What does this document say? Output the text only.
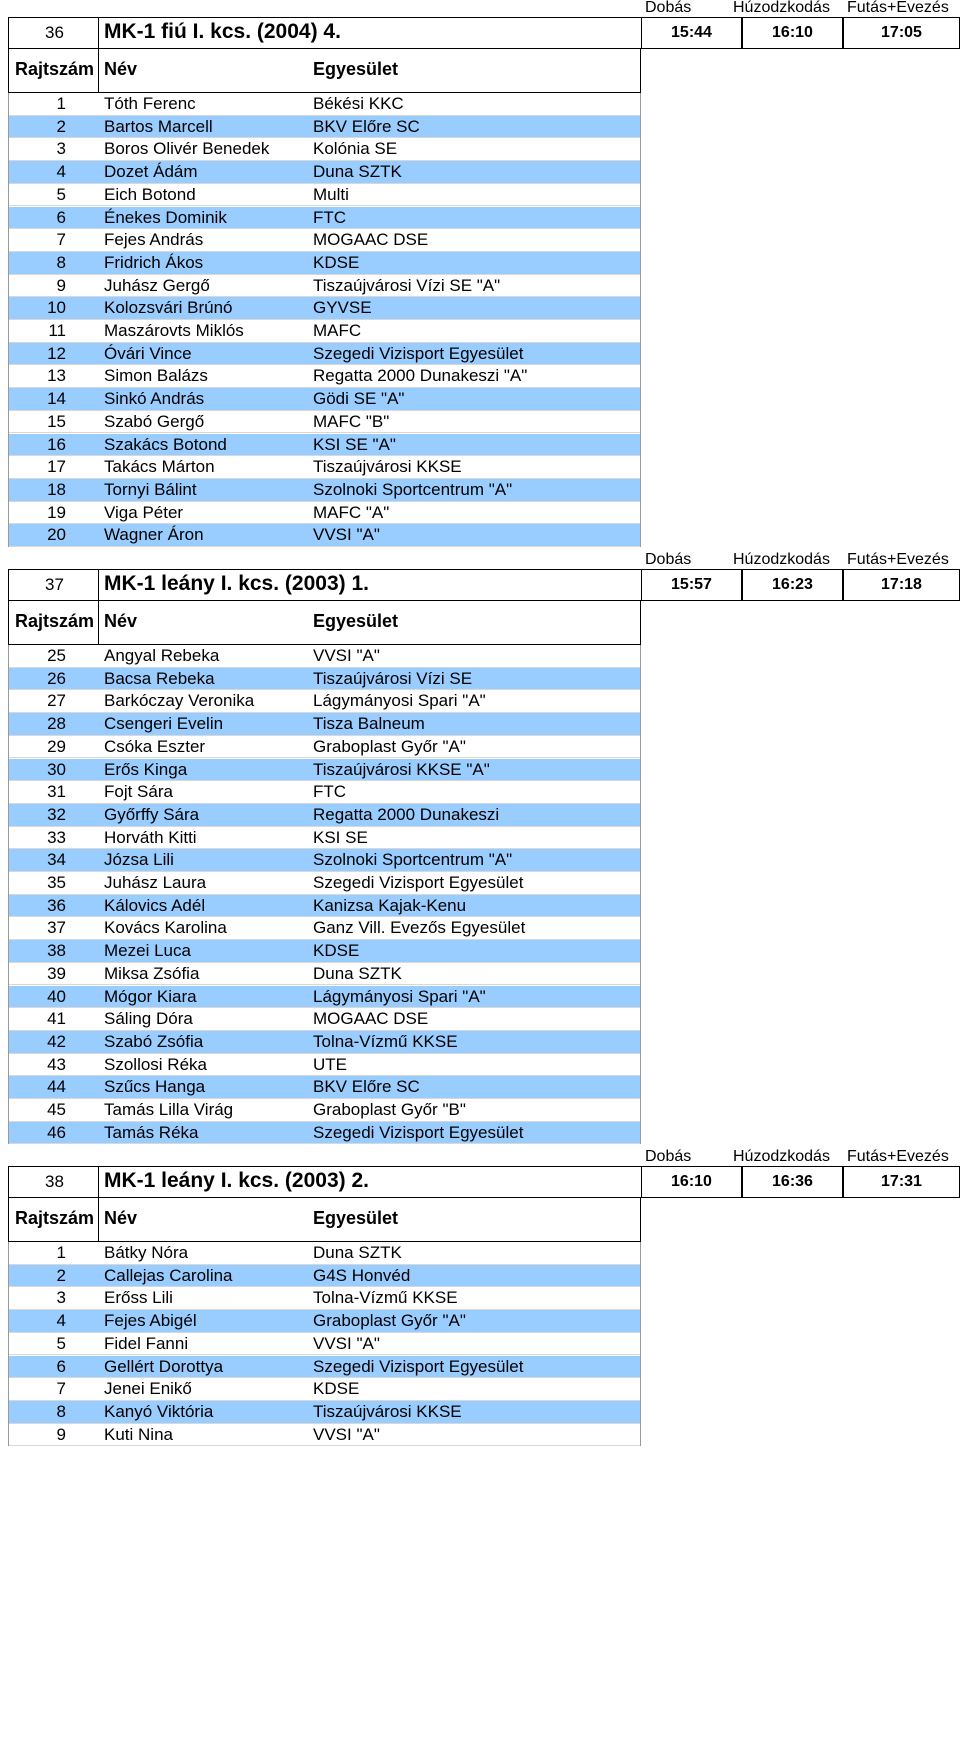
Dobás	Húzodzkodás Futás+Evezés
36 MK-1 fiú I. kcs. (2004) 4.	15:44	16:10	17:05
Rajtszám Név	Egyesület
1 Tóth Ferenc	Békési KKC
2 Bartos Marcell	BKV Előre SC
3 Boros Olivér Benedek	Kolónia SE
4 Dozet Ádám	Duna SZTK
5 Eich Botond	Multi
6 Énekes Dominik	FTC
7 Fejes András	MOGAAC DSE
8 Fridrich Ákos	KDSE
9 Juhász Gergő	Tiszaújvárosi Vízi SE "A"
10 Kolozsvári Brúnó	GYVSE
11 Maszárovts Miklós	MAFC
12 Óvári Vince	Szegedi Vizisport Egyesület
13 Simon Balázs	Regatta 2000 Dunakeszi "A"
14 Sinkó András	Gödi SE "A"
15 Szabó Gergő	MAFC "B"
16 Szakács Botond	KSI SE "A"
17 Takács Márton	Tiszaújvárosi KKSE
18 Tornyi Bálint	Szolnoki Sportcentrum "A"
19 Viga Péter	MAFC "A"
20 Wagner Áron	VVSI "A"
Dobás	Húzodzkodás Futás+Evezés
37 MK-1 leány I. kcs. (2003) 1.	15:57	16:23	17:18
Rajtszám Név	Egyesület
25 Angyal Rebeka	VVSI "A"
26 Bacsa Rebeka	Tiszaújvárosi Vízi SE
27 Barkóczay Veronika	Lágymányosi Spari "A"
28 Csengeri Evelin	Tisza Balneum
29 Csóka Eszter	Graboplast Győr "A"
30 Erős Kinga	Tiszaújvárosi KKSE "A"
31 Fojt Sára	FTC
32 Győrffy Sára	Regatta 2000 Dunakeszi
33 Horváth Kitti	KSI SE
34 Józsa Lili	Szolnoki Sportcentrum "A"
35 Juhász Laura	Szegedi Vizisport Egyesület
36 Kálovics Adél	Kanizsa Kajak-Kenu
37 Kovács Karolina	Ganz Vill. Evezős Egyesület
38 Mezei Luca	KDSE
39 Miksa Zsófia	Duna SZTK
40 Mógor Kiara	Lágymányosi Spari "A"
41 Sáling Dóra	MOGAAC DSE
42 Szabó Zsófia	Tolna-Vízmű KKSE
43 Szollosi Réka	UTE
44 Szűcs Hanga	BKV Előre SC
45 Tamás Lilla Virág	Graboplast Győr "B"
46 Tamás Réka	Szegedi Vizisport Egyesület
Dobás	Húzodzkodás Futás+Evezés
38 MK-1 leány I. kcs. (2003) 2.	16:10	16:36	17:31
Rajtszám Név	Egyesület
1 Bátky Nóra	Duna SZTK
2 Callejas Carolina	G4S Honvéd
3 Erőss Lili	Tolna-Vízmű KKSE
4 Fejes Abigél	Graboplast Győr "A"
5 Fidel Fanni	VVSI "A"
6 Gellért Dorottya	Szegedi Vizisport Egyesület
7 Jenei Enikő	KDSE
8 Kanyó Viktória	Tiszaújvárosi KKSE
9 Kuti Nina	VVSI "A"
